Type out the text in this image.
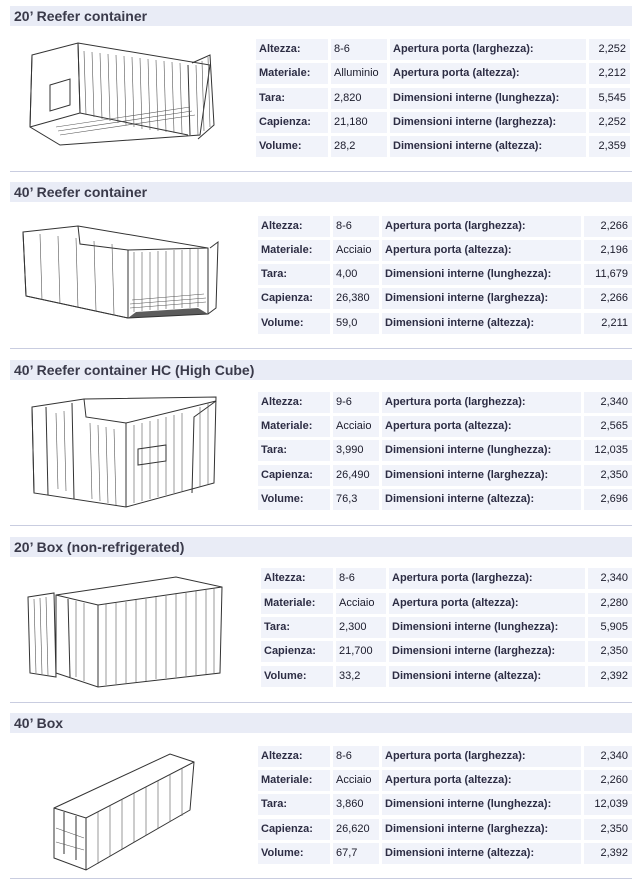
20’ Reefer container
Altezza:	8-6	Apertura porta (larghezza):	2,252
Materiale:	Alluminio	Apertura porta (altezza):	2,212
Tara:	2,820	Dimensioni interne (lunghezza):	5,545
Capienza:	21,180	Dimensioni interne (larghezza):	2,252
Volume:	28,2	Dimensioni interne (altezza):	2,359
40’ Reefer container
Altezza:	8-6	Apertura porta (larghezza):	2,266
Materiale:	Acciaio	Apertura porta (altezza):	2,196
Tara:	4,00	Dimensioni interne (lunghezza):	11,679
Capienza:	26,380	Dimensioni interne (larghezza):	2,266
Volume:	59,0	Dimensioni interne (altezza):	2,211
40’ Reefer container HC (High Cube)
Altezza:	9-6	Apertura porta (larghezza):	2,340
Materiale:	Acciaio	Apertura porta (altezza):	2,565
Tara:	3,990	Dimensioni interne (lunghezza):	12,035
Capienza:	26,490	Dimensioni interne (larghezza):	2,350
Volume:	76,3	Dimensioni interne (altezza):	2,696
20’ Box (non-refrigerated)
Altezza:	8-6	Apertura porta (larghezza):	2,340
Materiale:	Acciaio	Apertura porta (altezza):	2,280
Tara:	2,300	Dimensioni interne (lunghezza):	5,905
Capienza:	21,700	Dimensioni interne (larghezza):	2,350
Volume:	33,2	Dimensioni interne (altezza):	2,392
40’ Box
Altezza:	8-6	Apertura porta (larghezza):	2,340
Materiale:	Acciaio	Apertura porta (altezza):	2,260
Tara:	3,860	Dimensioni interne (lunghezza):	12,039
Capienza:	26,620	Dimensioni interne (larghezza):	2,350
Volume:	67,7	Dimensioni interne (altezza):	2,392
